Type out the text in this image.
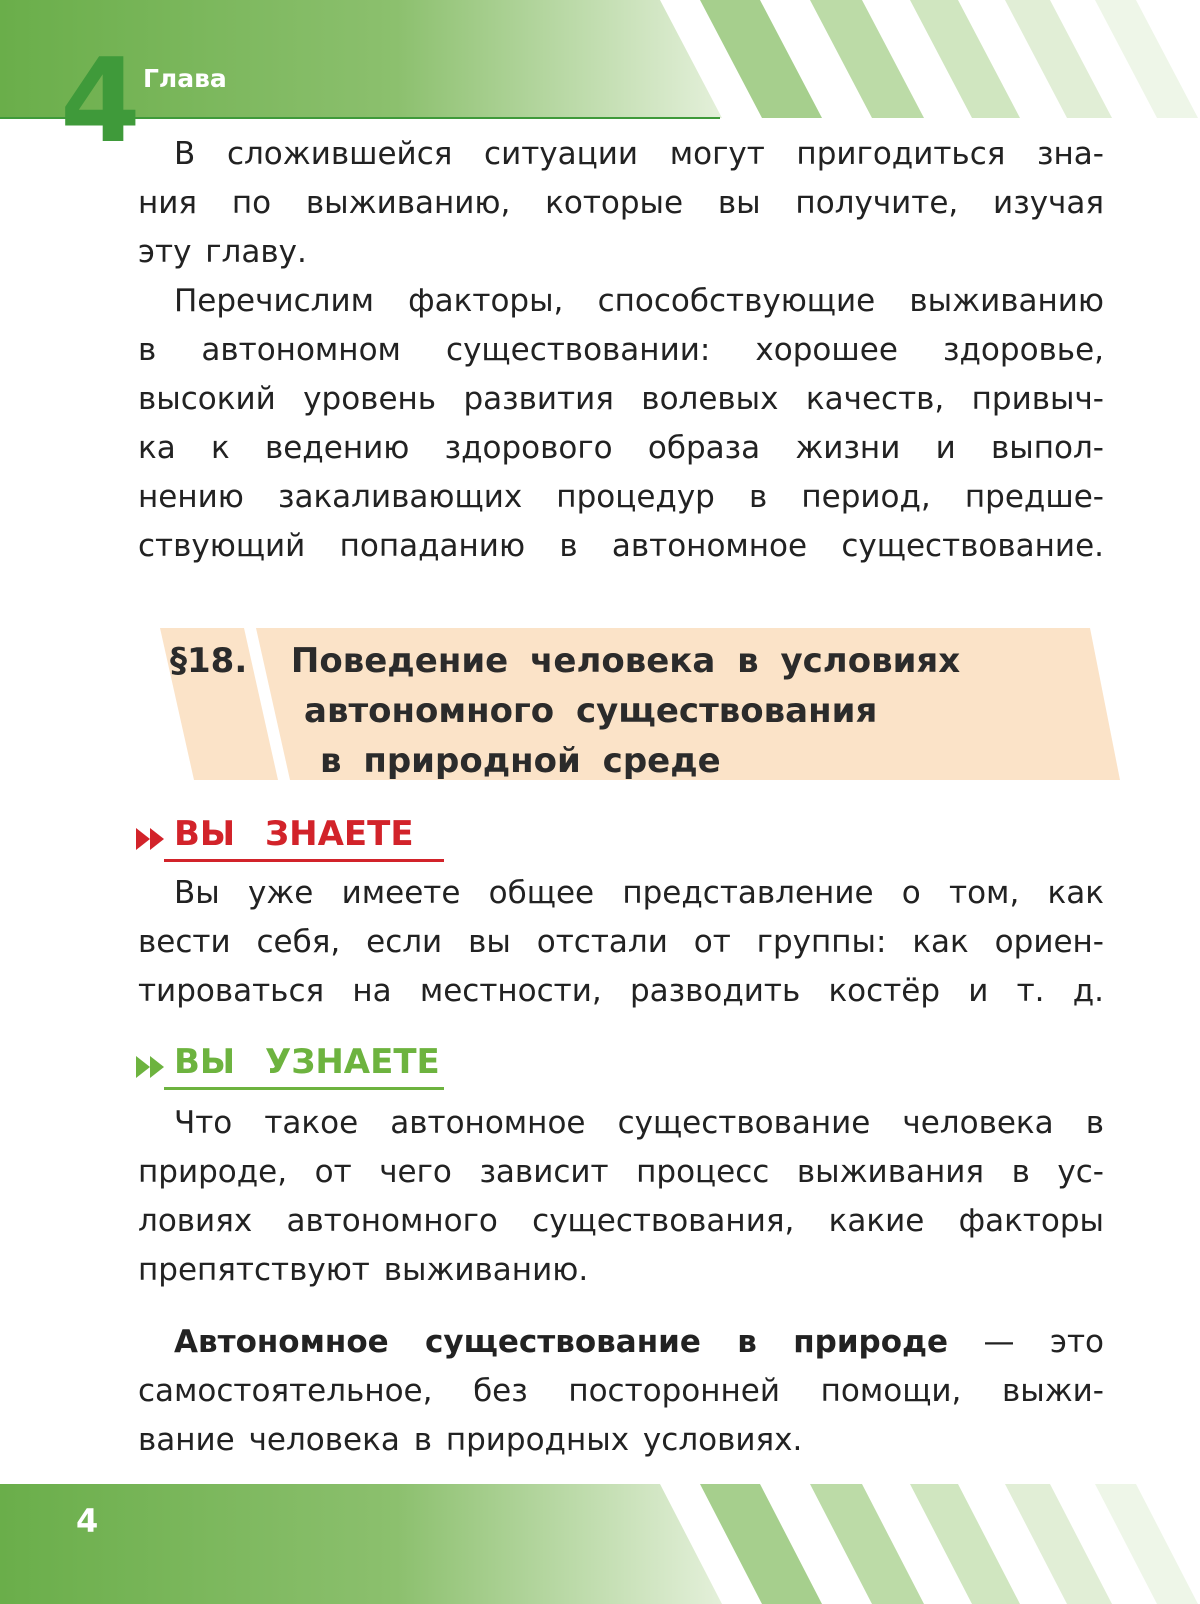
4 Глава
В сложившейся ситуации могут пригодиться зна-
ния по выживанию, которые вы получите, изучая
эту главу.
Перечислим факторы, способствующие выживанию
в автономном существовании: хорошее здоровье,
высокий уровень развития волевых качеств, привыч-
ка к ведению здорового образа жизни и выпол-
нению закаливающих процедур в период, предше-
ствующий попаданию в автономное существование.
§18. Поведение человека в условиях
автономного существования
в природной среде
ВЫ ЗНАЕТЕ
Вы уже имеете общее представление о том, как
вести себя, если вы отстали от группы: как ориен-
тироваться на местности, разводить костёр и т. д.
ВЫ УЗНАЕТЕ
Что такое автономное существование человека в
природе, от чего зависит процесс выживания в ус-
ловиях автономного существования, какие факторы
препятствуют выживанию.
Автономное существование в природе — это
самостоятельное, без посторонней помощи, выжи-
вание человека в природных условиях.
4
